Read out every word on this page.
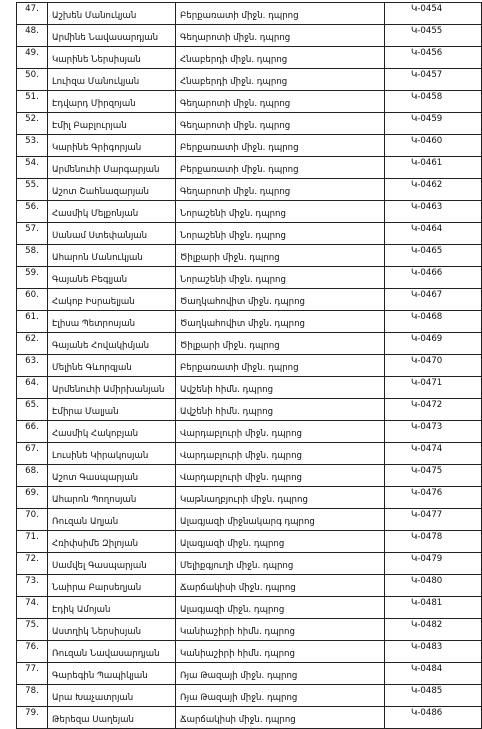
47.	Աշխեն Մանուկյան	Բերքառատի միջն. դպրոց	Կ-0454
48.	Արմինե Նավասարդյան	Գեղարոտի միջն. դպրոց	Կ-0455
49.	Կարինե Ներսիսյան	Հնաբերդի միջն. դպրոց	Կ-0456
50.	Լուիզա Մանուկյան	Հնաբերդի միջն. դպրոց	Կ-0457
51.	Էդվարդ Միրզոյան	Գեղարոտի միջն. դպրոց	Կ-0458
52.	Էմիլ Բաբլուրյան	Գեղարոտի միջն. դպրոց	Կ-0459
53.	Կարինե Գրիգորյան	Բերքառատի միջն. դպրոց	Կ-0460
54.	Արմենուհի Մարգարյան	Բերքառատի միջն. դպրոց	Կ-0461
55.	Աշոտ Շահնազարյան	Գեղարոտի միջն. դպրոց	Կ-0462
56.	Հասմիկ Մելքոնյան	Նորաշենի միջն. դպրոց	Կ-0463
57.	Սանամ Ստեփանյան	Նորաշենի միջն. դպրոց	Կ-0464
58.	Ահարոն Մանուկյան	Ծիլքարի միջն. դպրոց	Կ-0465
59.	Գայանե Բեգլյան	Նորաշենի միջն. դպրոց	Կ-0466
60.	Հակոբ Իսրաելյան	Ծաղկահովիտ միջն. դպրոց	Կ-0467
61.	Էլիսա Պետրոսյան	Ծաղկահովիտ միջն. դպրոց	Կ-0468
62.	Գայանե Հովակիմյան	Ծիլքարի միջն. դպրոց	Կ-0469
63.	Մելինե Գևորգյան	Բերքառատի միջն. դպրոց	Կ-0470
64.	Արմենուհի Ամիրխանյան	Ավշենի հիմն. դպրոց	Կ-0471
65.	Էմիրա Մալյան	Ավշենի հիմն. դպրոց	Կ-0472
66.	Հասմիկ Հակոբյան	Վարդաբլուրի միջն. դպրոց	Կ-0473
67.	Լուսինե Կիրակոսյան	Վարդաբլուրի միջն. դպրոց	Կ-0474
68.	Աշոտ Գասպարյան	Վարդաբլուրի միջն. դպրոց	Կ-0475
69.	Ահարոն Պողոսյան	Կաթնաղբյուրի միջն. դպրոց	Կ-0476
70.	Ռուզան Աղյան	Ալագյազի միջնակարգ դպրոց	Կ-0477
71.	Հռիփսիմե Զիլոյան	Ալագյազի միջն. դպրոց	Կ-0478
72.	Սամվել Գասպարյան	Մելիքգյուղի միջն. դպրոց	Կ-0479
73.	Նաիրա Բարսեղյան	Ճարճակիսի միջն. դպրոց	Կ-0480
74.	Էդիկ Ամոյան	Ալագյազի միջն. դպրոց	Կ-0481
75.	Աստղիկ Ներսիսյան	Կանիաշիրի հիմն. դպրոց	Կ-0482
76.	Ռուզան Նավասարդյան	Կանիաշիրի հիմն. դպրոց	Կ-0483
77.	Գարեգին Պապիկյան	Ռյա Թազայի միջն. դպրոց	Կ-0484
78.	Արա Խաչատրյան	Ռյա Թազայի միջն. դպրոց	Կ-0485
79.	Թերեզա Սաղեյան	Ճարճակիսի միջն. դպրոց	Կ-0486
